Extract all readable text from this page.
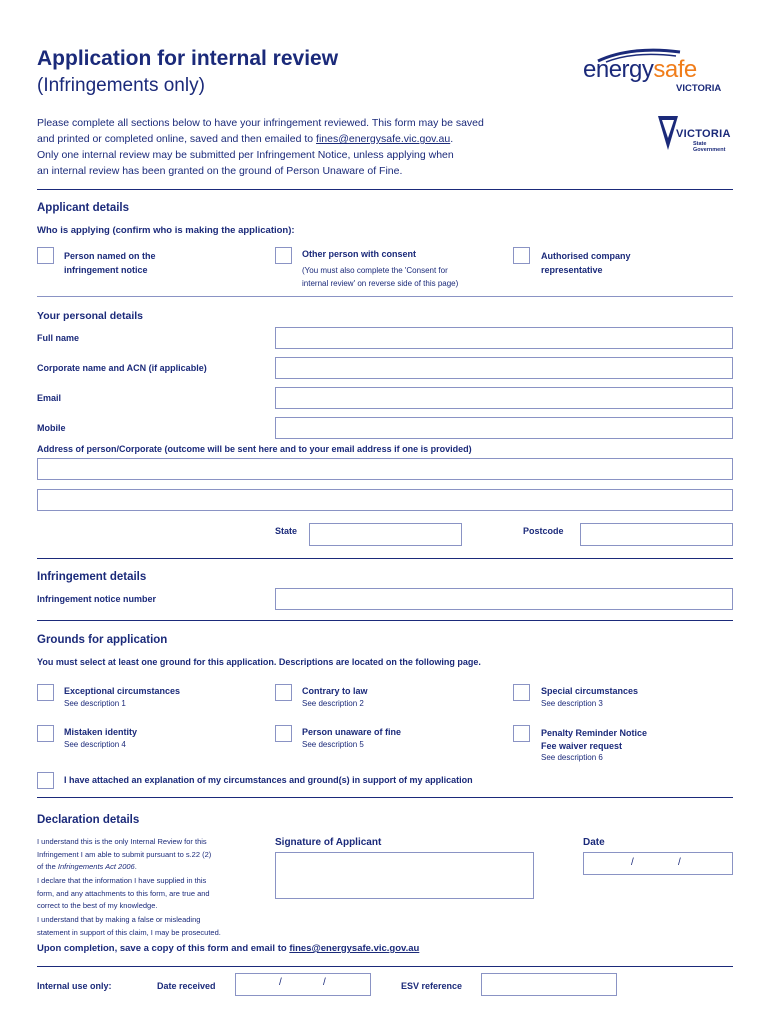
Application for internal review
(Infringements only)
energysafe
VICTORIA
VICTORIA
State
Government
Please complete all sections below to have your infringement reviewed. This form may be saved
and printed or completed online, saved and then emailed to fines@energysafe.vic.gov.au.
Only one internal review may be submitted per Infringement Notice, unless applying when
an internal review has been granted on the ground of Person Unaware of Fine.
Applicant details
Who is applying (confirm who is making the application):
Person named on the
infringement notice
Other person with consent
(You must also complete the 'Consent for
internal review' on reverse side of this page)
Authorised company
representative
Your personal details
Full name
Corporate name and ACN (if applicable)
Email
Mobile
Address of person/Corporate (outcome will be sent here and to your email address if one is provided)
State	Postcode
Infringement details
Infringement notice number
Grounds for application
You must select at least one ground for this application. Descriptions are located on the following page.
Exceptional circumstances
See description 1
Contrary to law
See description 2
Special circumstances
See description 3
Mistaken identity
See description 4
Person unaware of fine
See description 5
Penalty Reminder Notice
Fee waiver request
See description 6
I have attached an explanation of my circumstances and ground(s) in support of my application
Declaration details
I understand this is the only Internal Review for this
Infringement I am able to submit pursuant to s.22 (2)
of the Infringements Act 2006.
I declare that the information I have supplied in this
form, and any attachments to this form, are true and
correct to the best of my knowledge.
I understand that by making a false or misleading
statement in support of this claim, I may be prosecuted.
Signature of Applicant	Date
/	/
Upon completion, save a copy of this form and email to fines@energysafe.vic.gov.au
Internal use only:	Date received	/	/	ESV reference
